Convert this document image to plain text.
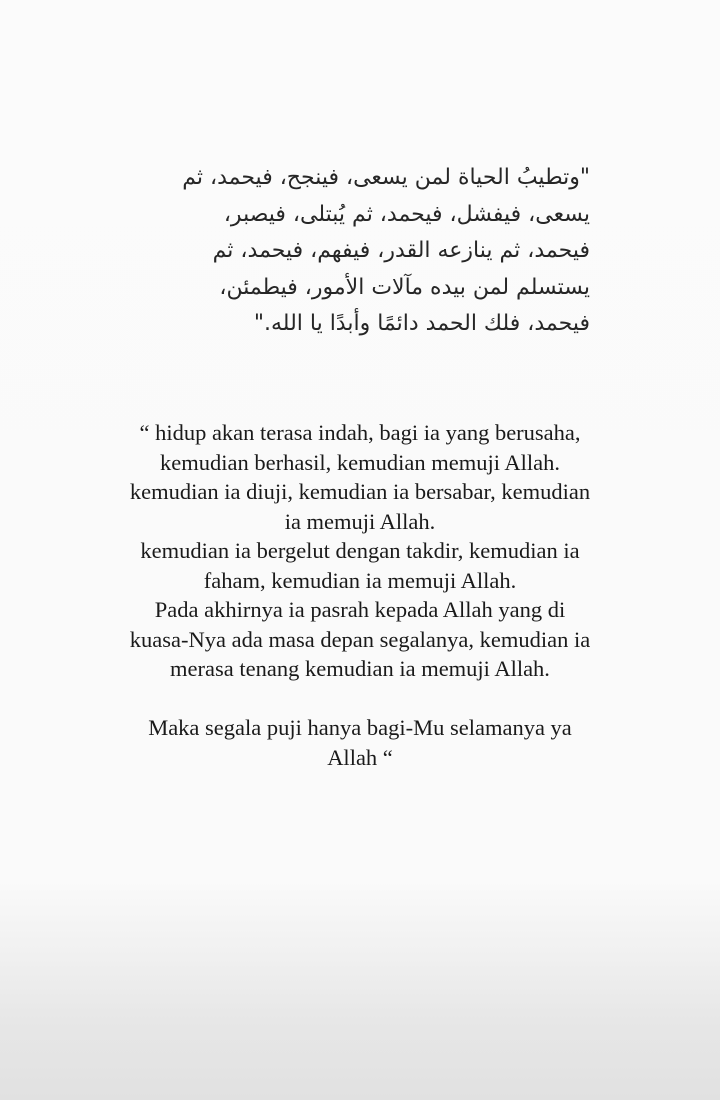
"وتطيبُ الحياة لمن يسعى، فينجح، فيحمد، ثم
يسعى، فيفشل، فيحمد، ثم يُبتلى، فيصبر،
فيحمد، ثم ينازعه القدر، فيفهم، فيحمد، ثم
يستسلم لمن بيده مآلات الأمور، فيطمئن،
فيحمد، فلك الحمد دائمًا وأبدًا يا الله."
“ hidup akan terasa indah, bagi ia yang berusaha,
kemudian berhasil, kemudian memuji Allah.
kemudian ia diuji, kemudian ia bersabar, kemudian
ia memuji Allah.
kemudian ia bergelut dengan takdir, kemudian ia
faham, kemudian ia memuji Allah.
Pada akhirnya ia pasrah kepada Allah yang di
kuasa-Nya ada masa depan segalanya, kemudian ia
merasa tenang kemudian ia memuji Allah.
Maka segala puji hanya bagi-Mu selamanya ya
Allah “
